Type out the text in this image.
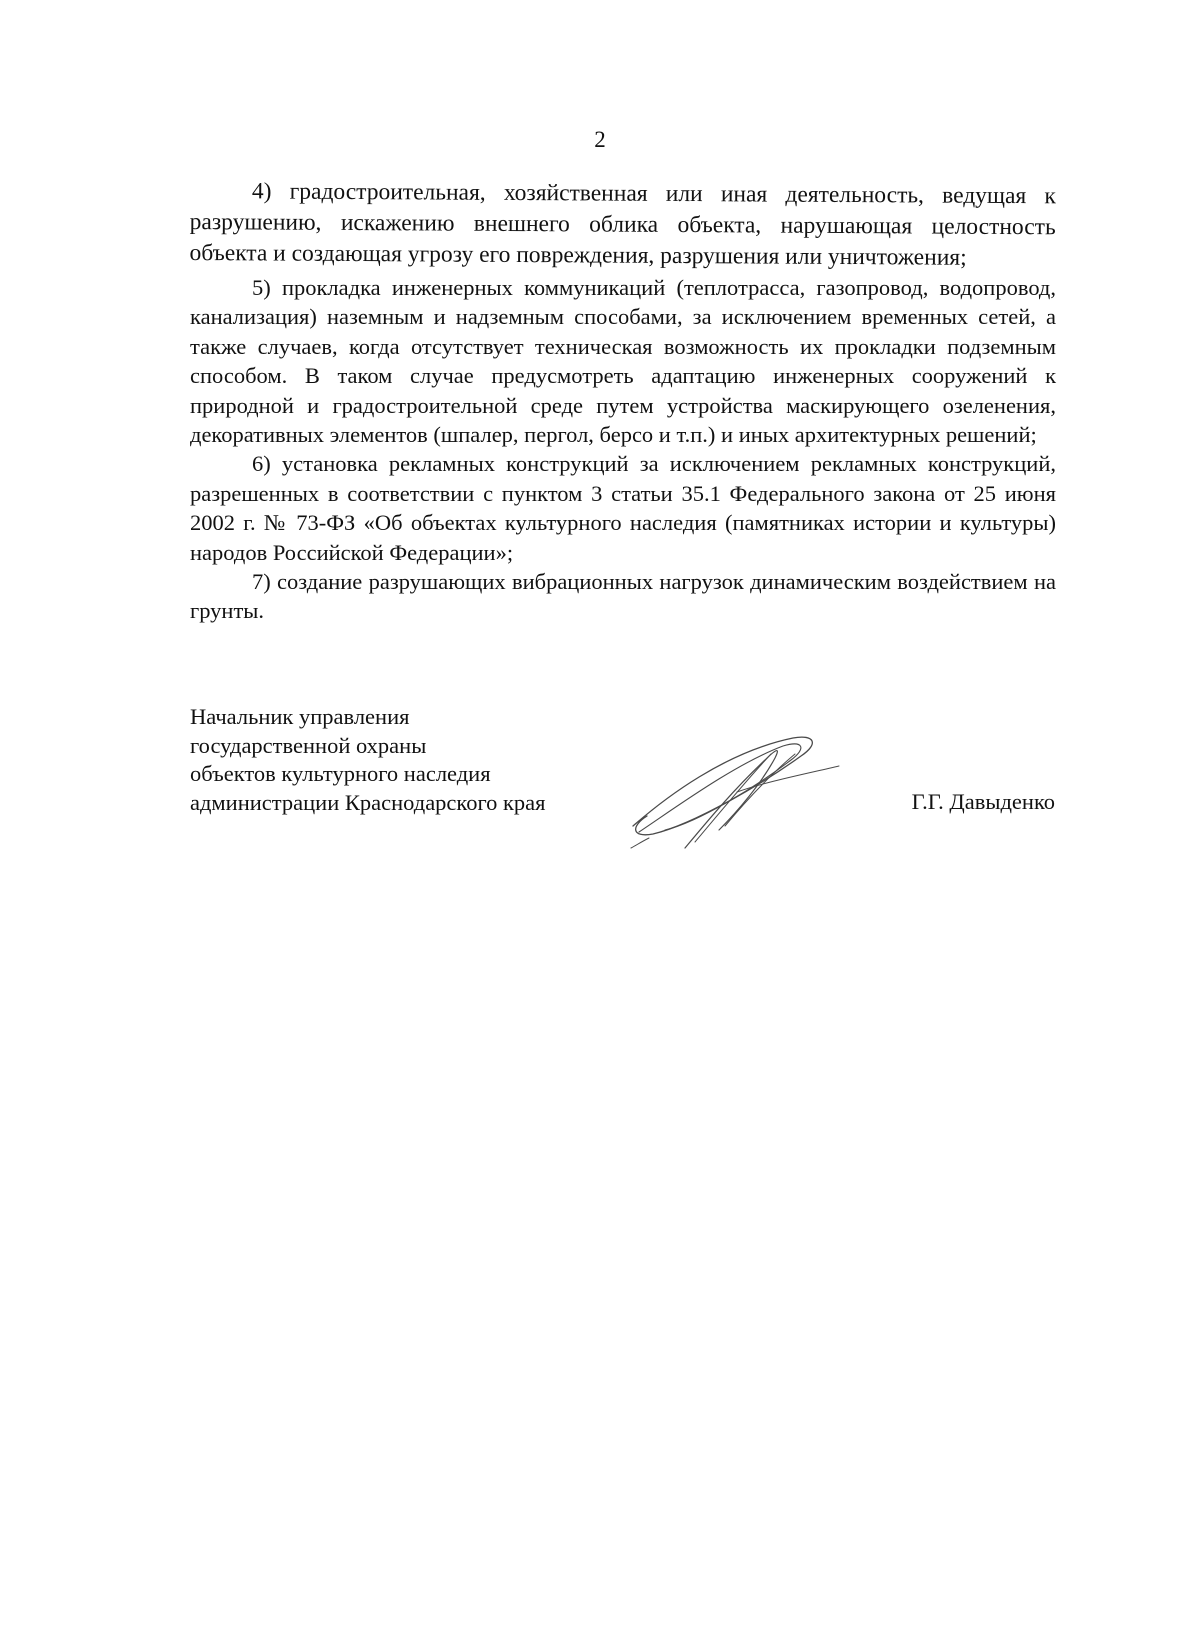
2

4) градостроительная, хозяйственная или иная деятельность, ведущая к разрушению, искажению внешнего облика объекта, нарушающая целостность объекта и создающая угрозу его повреждения, разрушения или уничтожения;

5) прокладка инженерных коммуникаций (теплотрасса, газопровод, водопровод, канализация) наземным и надземным способами, за исключением временных сетей, а также случаев, когда отсутствует техническая возможность их прокладки подземным способом. В таком случае предусмотреть адаптацию инженерных сооружений к природной и градостроительной среде путем устройства маскирующего озеленения, декоративных элементов (шпалер, пергол, берсо и т.п.) и иных архитектурных решений;

6) установка рекламных конструкций за исключением рекламных конструкций, разрешенных в соответствии с пунктом 3 статьи 35.1 Федерального закона от 25 июня 2002 г. № 73-ФЗ «Об объектах культурного наследия (памятниках истории и культуры) народов Российской Федерации»;

7) создание разрушающих вибрационных нагрузок динамическим воздействием на грунты.

Начальник управления
государственной охраны
объектов культурного наследия
администрации Краснодарского края	Г.Г. Давыденко
